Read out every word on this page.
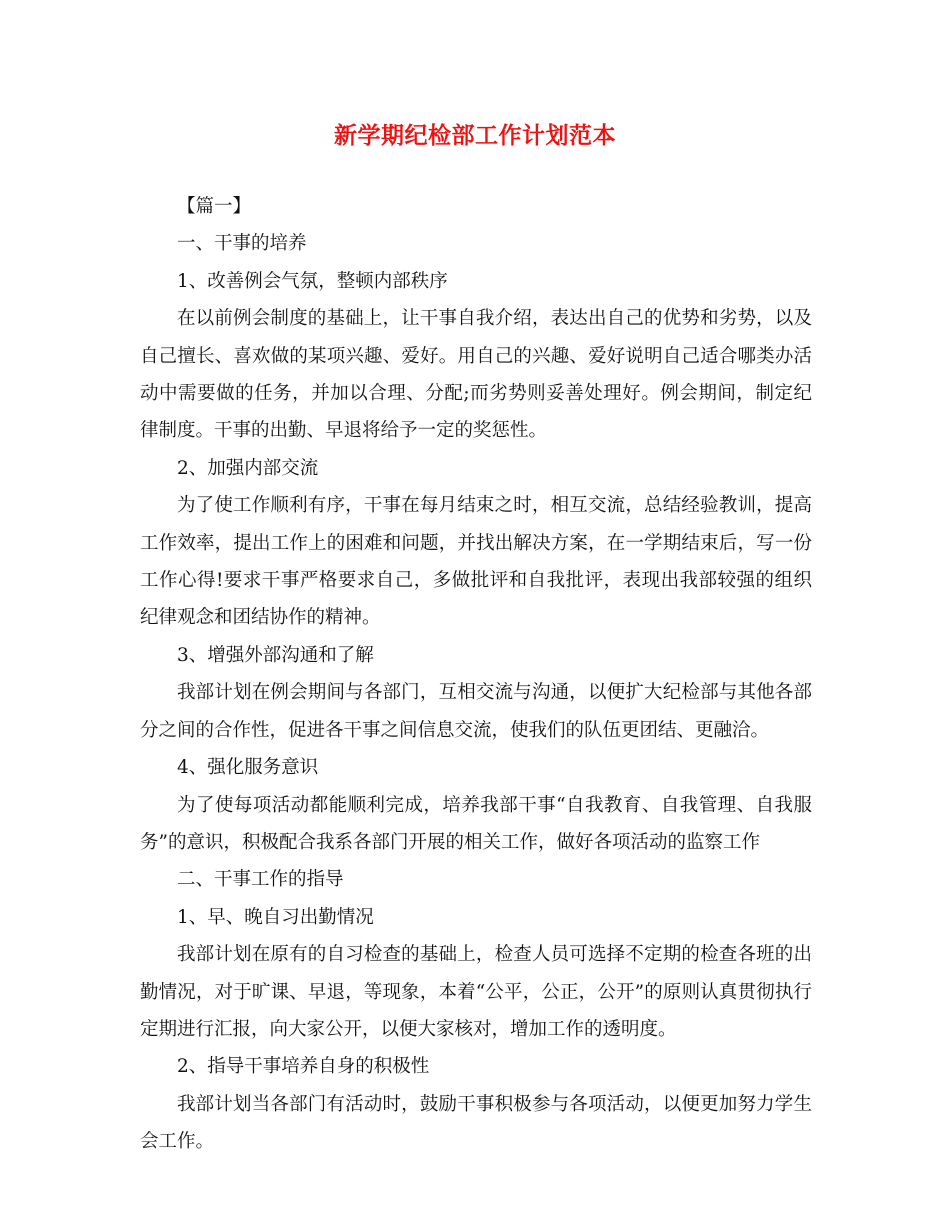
新学期纪检部工作计划范本

【篇一】

一、干事的培养

1、改善例会气氛，整顿内部秩序

在以前例会制度的基础上，让干事自我介绍，表达出自己的优势和劣势，以及自己擅长、喜欢做的某项兴趣、爱好。用自己的兴趣、爱好说明自己适合哪类办活动中需要做的任务，并加以合理、分配;而劣势则妥善处理好。例会期间，制定纪律制度。干事的出勤、早退将给予一定的奖惩性。

2、加强内部交流

为了使工作顺利有序，干事在每月结束之时，相互交流，总结经验教训，提高工作效率，提出工作上的困难和问题，并找出解决方案，在一学期结束后，写一份工作心得!要求干事严格要求自己，多做批评和自我批评，表现出我部较强的组织纪律观念和团结协作的精神。

3、增强外部沟通和了解

我部计划在例会期间与各部门，互相交流与沟通，以便扩大纪检部与其他各部分之间的合作性，促进各干事之间信息交流，使我们的队伍更团结、更融洽。

4、强化服务意识

为了使每项活动都能顺利完成，培养我部干事“自我教育、自我管理、自我服务”的意识，积极配合我系各部门开展的相关工作，做好各项活动的监察工作

二、干事工作的指导

1、早、晚自习出勤情况

我部计划在原有的自习检查的基础上，检查人员可选择不定期的检查各班的出勤情况，对于旷课、早退，等现象，本着“公平，公正，公开”的原则认真贯彻执行定期进行汇报，向大家公开，以便大家核对，增加工作的透明度。

2、指导干事培养自身的积极性

我部计划当各部门有活动时，鼓励干事积极参与各项活动，以便更加努力学生会工作。
